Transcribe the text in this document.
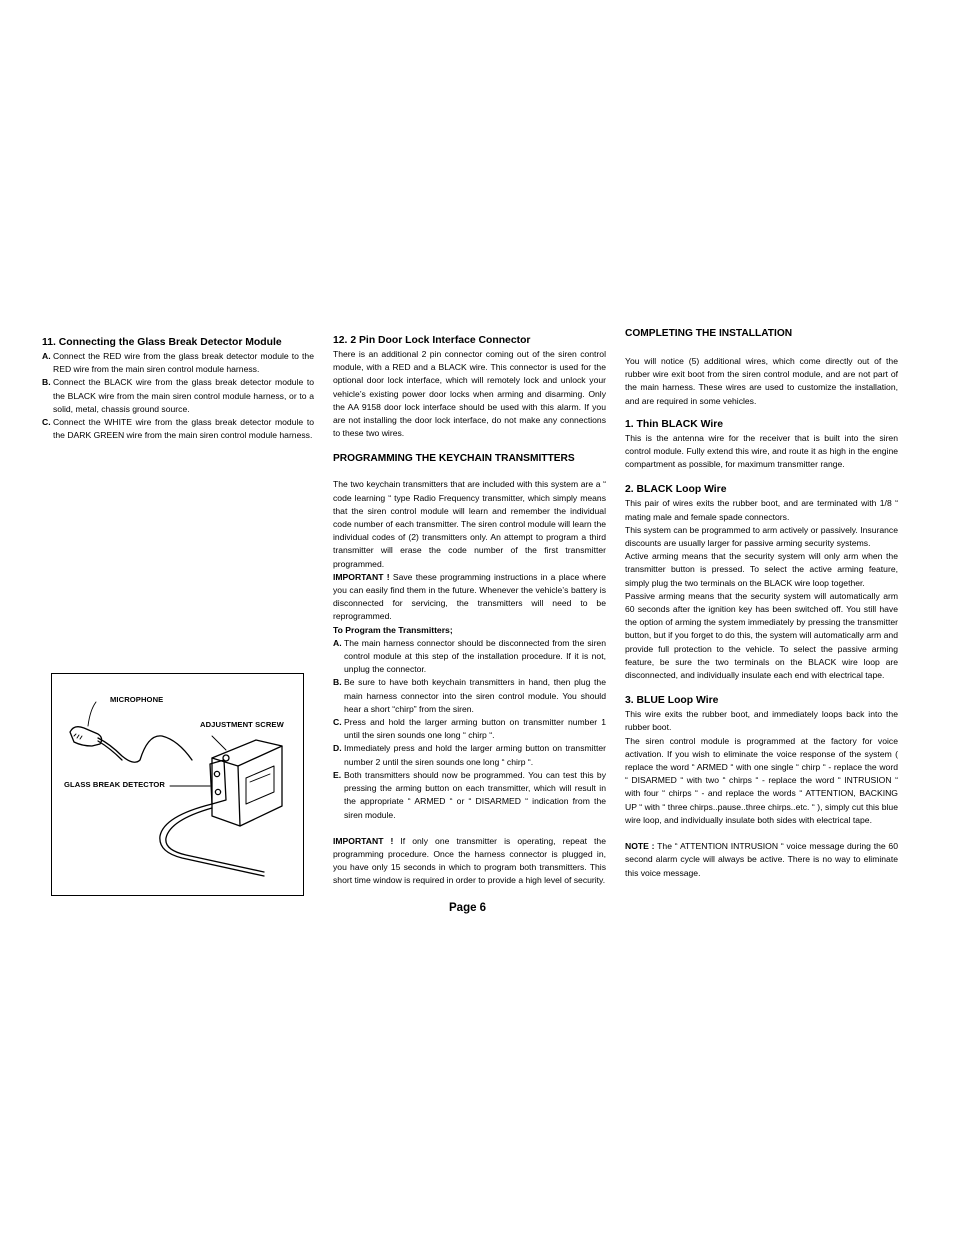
11. Connecting the Glass Break Detector Module
A. Connect the RED wire from the glass break detector module to the RED wire from the main siren control module harness.
B. Connect the BLACK wire from the glass break detector module to the BLACK wire from the main siren control module harness, or to a solid, metal, chassis ground source.
C. Connect the WHITE wire from the glass break detector module to the DARK GREEN wire from the main siren control module harness.
MICROPHONE
ADJUSTMENT SCREW
GLASS BREAK DETECTOR
12. 2 Pin Door Lock Interface Connector

There is an additional 2 pin connector coming out of the siren control module, with a RED and a BLACK wire. This connector is used for the optional door lock interface, which will remotely lock and unlock your vehicle’s existing power door locks when arming and disarming. Only the AA 9158 door lock interface should be used with this alarm. If you are not installing the door lock interface, do not make any connections to these two wires.

PROGRAMMING THE KEYCHAIN TRANSMITTERS

The two keychain transmitters that are included with this system are a “ code learning “ type Radio Frequency transmitter, which simply means that the siren control module will learn and remember the individual code number of each transmitter. The siren control module will learn the individual codes of (2) transmitters only. An attempt to program a third transmitter will erase the code number of the first transmitter programmed.

IMPORTANT ! Save these programming instructions in a place where you can easily find them in the future. Whenever the vehicle’s battery is disconnected for servicing, the transmitters will need to be reprogrammed.

To Program the Transmitters;
A. The main harness connector should be disconnected from the siren control module at this step of the installation procedure. If it is not, unplug the connector.
B. Be sure to have both keychain transmitters in hand, then plug the main harness connector into the siren control module. You should hear a short “chirp” from the siren.
C. Press and hold the larger arming button on transmitter number 1 until the siren sounds one long “ chirp “.
D. Immediately press and hold the larger arming button on transmitter number 2 until the siren sounds one long “ chirp “.
E. Both transmitters should now be programmed. You can test this by pressing the arming button on each transmitter, which will result in the appropriate “ ARMED “ or “ DISARMED “ indication from the siren module.

IMPORTANT ! If only one transmitter is operating, repeat the programming procedure. Once the harness connector is plugged in, you have only 15 seconds in which to program both transmitters. This short time window is required in order to provide a high level of security.

COMPLETING THE INSTALLATION

You will notice (5) additional wires, which come directly out of the rubber wire exit boot from the siren control module, and are not part of the main harness. These wires are used to customize the installation, and are required in some vehicles.

1. Thin BLACK Wire

This is the antenna wire for the receiver that is built into the siren control module. Fully extend this wire, and route it as high in the engine compartment as possible, for maximum transmitter range.

2. BLACK Loop Wire

This pair of wires exits the rubber boot, and are terminated with 1/8 “ mating male and female spade connectors.

This system can be programmed to arm actively or passively. Insurance discounts are usually larger for passive arming security systems.

Active arming means that the security system will only arm when the transmitter button is pressed. To select the active arming feature, simply plug the two terminals on the BLACK wire loop together.

Passive arming means that the security system will automatically arm 60 seconds after the ignition key has been switched off. You still have the option of arming the system immediately by pressing the transmitter button, but if you forget to do this, the system will automatically arm and provide full protection to the vehicle. To select the passive arming feature, be sure the two terminals on the BLACK wire loop are disconnected, and individually insulate each end with electrical tape.

3. BLUE Loop Wire

This wire exits the rubber boot, and immediately loops back into the rubber boot.

The siren control module is programmed at the factory for voice activation. If you wish to eliminate the voice response of the system ( replace the word “ ARMED “ with one single “ chirp “ - replace the word “ DISARMED “ with two “ chirps “ - replace the word “ INTRUSION “ with four “ chirps “ - and replace the words “ ATTENTION, BACKING UP “ with “ three chirps..pause..three chirps..etc. “ ), simply cut this blue wire loop, and individually insulate both sides with electrical tape.

NOTE : The “ ATTENTION INTRUSION “ voice message during the 60 second alarm cycle will always be active. There is no way to eliminate this voice message.

Page 6
